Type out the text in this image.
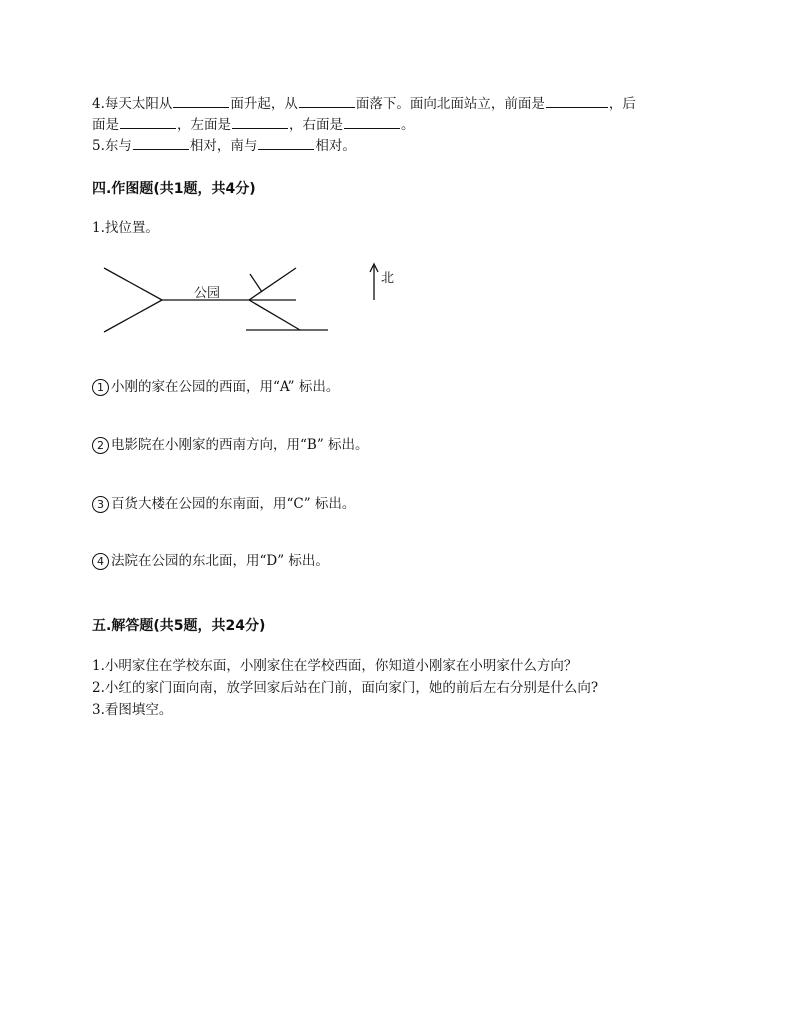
4.每天太阳从	面升起，从	面落下。面向北面站立，前面是	，后
面是	，左面是	，右面是	。
5.东与	相对，南与	相对。
四.作图题(共1题，共4分)
1.找位置。
公园
北
1 小刚的家在公园的西面，用“A” 标出。
2 电影院在小刚家的西南方向，用“B” 标出。
3 百货大楼在公园的东南面，用“C” 标出。
4 法院在公园的东北面，用“D” 标出。
五.解答题(共5题，共24分)
1.小明家住在学校东面，小刚家住在学校西面，你知道小刚家在小明家什么方向？
2.小红的家门面向南，放学回家后站在门前，面向家门，她的前后左右分别是什么向?
3.看图填空。
